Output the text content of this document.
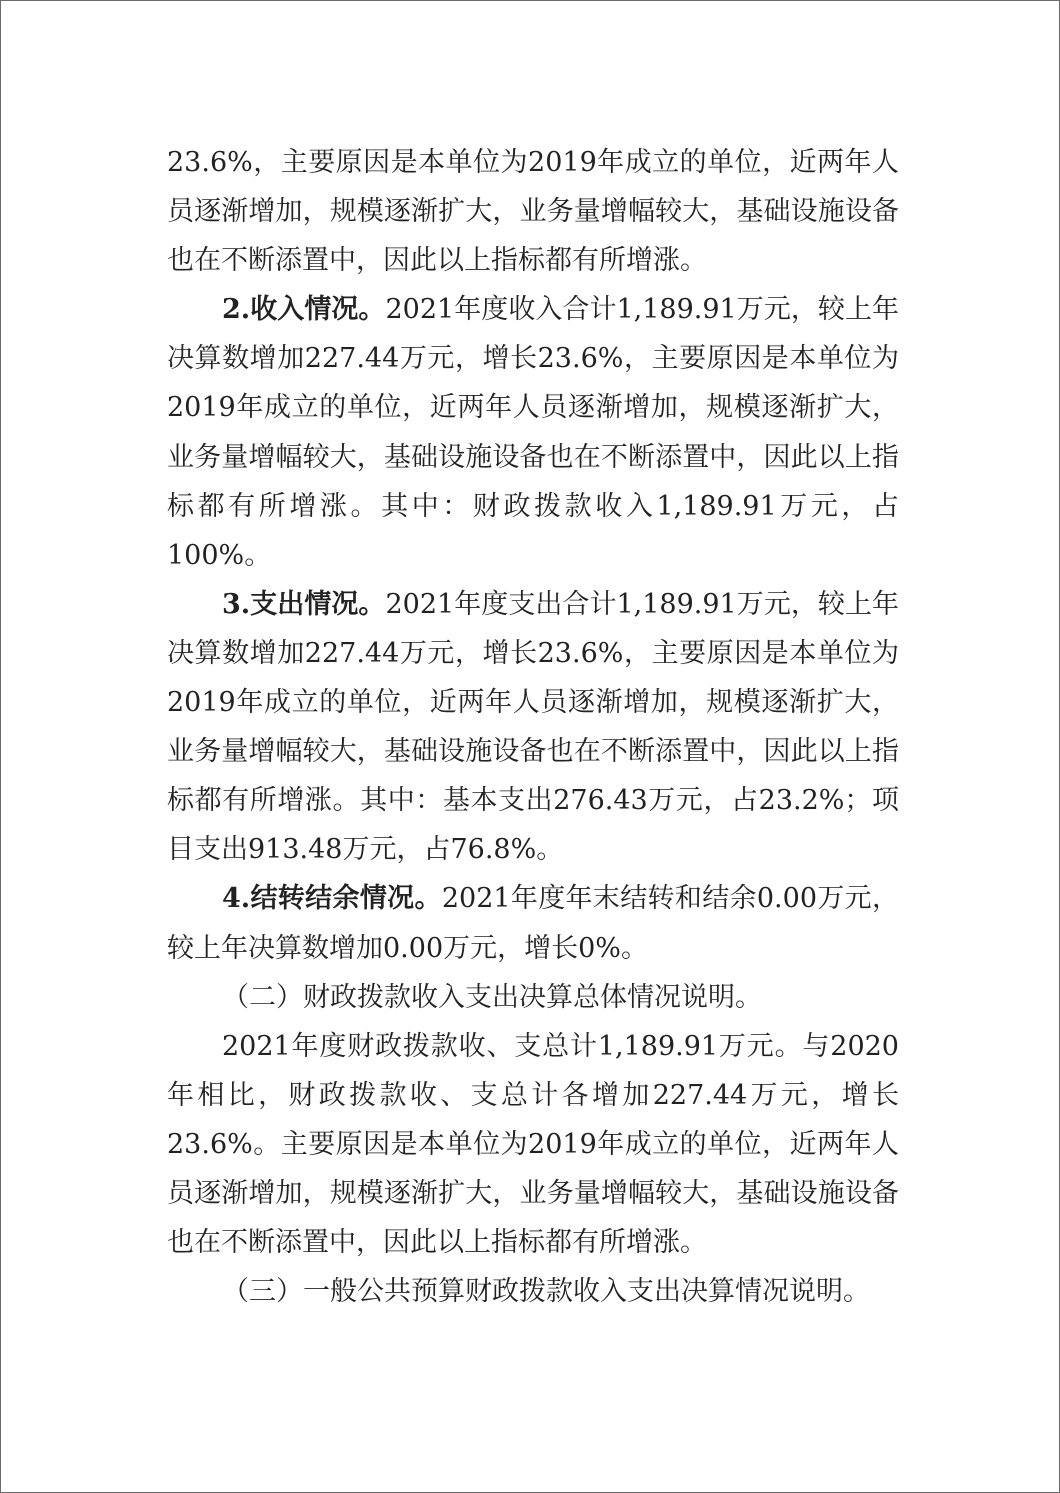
23.6%，主要原因是本单位为2019年成立的单位，近两年人员逐渐增加，规模逐渐扩大，业务量增幅较大，基础设施设备也在不断添置中，因此以上指标都有所增涨。

2.收入情况。2021年度收入合计1,189.91万元，较上年决算数增加227.44万元，增长23.6%，主要原因是本单位为2019年成立的单位，近两年人员逐渐增加，规模逐渐扩大，业务量增幅较大，基础设施设备也在不断添置中，因此以上指标都有所增涨。其中：财政拨款收入1,189.91万元，占100%。

3.支出情况。2021年度支出合计1,189.91万元，较上年决算数增加227.44万元，增长23.6%，主要原因是本单位为2019年成立的单位，近两年人员逐渐增加，规模逐渐扩大，业务量增幅较大，基础设施设备也在不断添置中，因此以上指标都有所增涨。其中：基本支出276.43万元，占23.2%；项目支出913.48万元，占76.8%。

4.结转结余情况。2021年度年末结转和结余0.00万元，较上年决算数增加0.00万元，增长0%。

（二）财政拨款收入支出决算总体情况说明。

2021年度财政拨款收、支总计1,189.91万元。与2020年相比，财政拨款收、支总计各增加227.44万元，增长23.6%。主要原因是本单位为2019年成立的单位，近两年人员逐渐增加，规模逐渐扩大，业务量增幅较大，基础设施设备也在不断添置中，因此以上指标都有所增涨。

（三）一般公共预算财政拨款收入支出决算情况说明。
